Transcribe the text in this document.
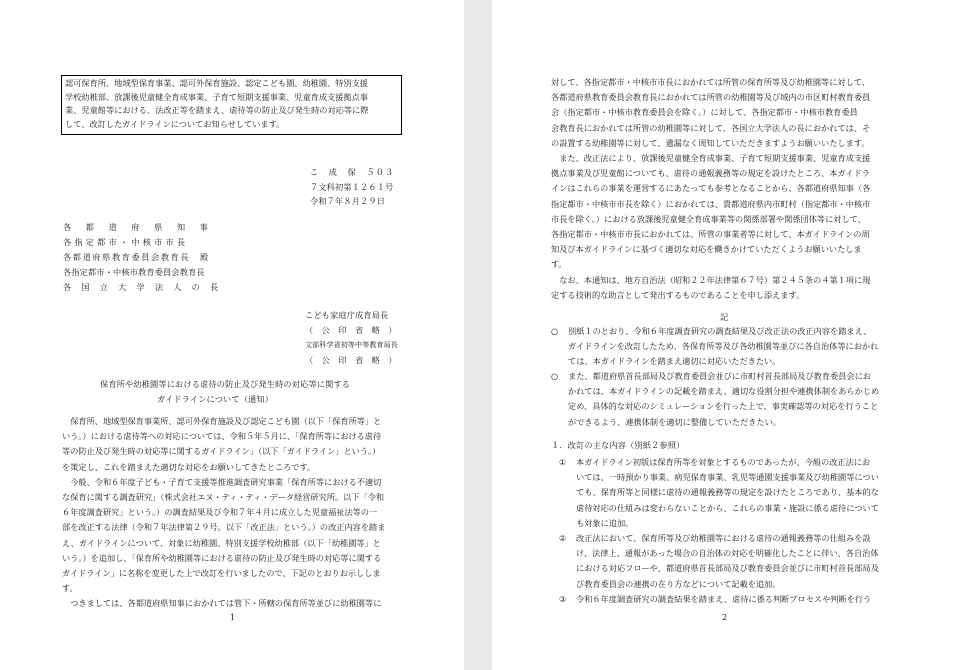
認可保育所、地域型保育事業、認可外保育施設、認定こども園、幼稚園、特別支援
学校幼稚部、放課後児童健全育成事業、子育て短期支援事業、児童育成支援拠点事
業、児童館等における、法改正等を踏まえ、虐待等の防止及び発生時の対応等に際
して、改訂したガイドラインについてお知らせしています。
こ　成　保　５０３
７文科初第１２６１号
令和７年８月２９日
各　都　道　府　県　知　事
各指定都市・中核市市長
各都道府県教育委員会教育長　殿
各指定都市・中核市教育委員会教育長
各　国　立　大　学　法　人　の　長
こども家庭庁成育局長
（　公　印　省　略　）
文部科学省初等中等教育局長
（　公　印　省　略　）
保育所や幼稚園等における虐待の防止及び発生時の対応等に関する
ガイドラインについて（通知）
　保育所、地域型保育事業所、認可外保育施設及び認定こども園（以下「保育所等」と
いう。）における虐待等への対応については、令和５年５月に、「保育所等における虐待
等の防止及び発生時の対応等に関するガイドライン」（以下「ガイドライン」という。）
を策定し、これを踏まえた適切な対応をお願いしてきたところです。
　今般、令和６年度子ども・子育て支援等推進調査研究事業「保育所等における不適切
な保育に関する調査研究」（株式会社エヌ・ティ・ティ・データ経営研究所。以下「令和
６年度調査研究」という。）の調査結果及び令和７年４月に成立した児童福祉法等の一
部を改正する法律（令和７年法律第２９号。以下「改正法」という。）の改正内容を踏ま
え、ガイドラインについて、対象に幼稚園、特別支援学校幼稚部（以下「幼稚園等」と
いう。）を追加し、「保育所や幼稚園等における虐待の防止及び発生時の対応等に関する
ガイドライン」に名称を変更した上で改訂を行いましたので、下記のとおりお示ししま
す。
　つきましては、各都道府県知事におかれては管下・所轄の保育所等並びに幼稚園等に
1
対して、各指定都市・中核市市長におかれては所管の保育所等及び幼稚園等に対して、
各都道府県教育委員会教育長におかれては所管の幼稚園等及び域内の市区町村教育委員
会（指定都市・中核市教育委員会を除く。）に対して、各指定都市・中核市教育委員
会教育長におかれては所管の幼稚園等に対して、各国立大学法人の長におかれては、そ
の設置する幼稚園等に対して、遺漏なく周知していただきますようお願いいたします。
　また、改正法により、放課後児童健全育成事業、子育て短期支援事業、児童育成支援
拠点事業及び児童館についても、虐待の通報義務等の規定を設けたところ、本ガイドラ
インはこれらの事業を運営するにあたっても参考となることから、各都道府県知事（各
指定都市・中核市市長を除く）におかれては、貴都道府県内市町村（指定都市・中核市
市長を除く。）における放課後児童健全育成事業等の関係部署や関係団体等に対して、
各指定都市・中核市市長におかれては、所管の事業者等に対して、本ガイドラインの周
知及び本ガイドラインに基づく適切な対応を働きかけていただくようお願いいたしま
す。
　なお、本通知は、地方自治法（昭和２２年法律第６７号）第２４５条の４第１項に規
定する技術的な助言として発出するものであることを申し添えます。
記
○ 別紙１のとおり、令和６年度調査研究の調査結果及び改正法の改正内容を踏まえ、
ガイドラインを改訂したため、各保育所等及び各幼稚園等並びに各自治体等におかれ
ては、本ガイドラインを踏まえ適切に対応いただきたい。
○ また、都道府県首長部局及び教育委員会並びに市町村首長部局及び教育委員会にお
かれては、本ガイドラインの記載を踏まえ、適切な役割分担や連携体制をあらかじめ
定め、具体的な対応のシミュレーションを行った上で、事実確認等の対応を行うこと
ができるよう、連携体制を適切に整備していただきたい。
１．改訂の主な内容（別紙２参照）
① 本ガイドライン初版は保育所等を対象とするものであったが、今般の改正法にお
いては、一時預かり事業、病児保育事業、乳児等通園支援事業及び幼稚園等につい
ても、保育所等と同様に虐待の通報義務等の規定を設けたところであり、基本的な
虐待対応の仕組みは変わらないことから、これらの事業・施設に係る虐待について
も対象に追加。
② 改正法において、保育所等及び幼稚園等における虐待の通報義務等の仕組みを設
け、法律上、通報があった場合の自治体の対応を明確化したことに伴い、各自治体
における対応フローや、都道府県首長部局及び教育委員会並びに市町村首長部局及
び教育委員会の連携の在り方などについて記載を追加。
③ 令和６年度調査研究の調査結果を踏まえ、虐待に係る判断プロセスや判断を行う
2
